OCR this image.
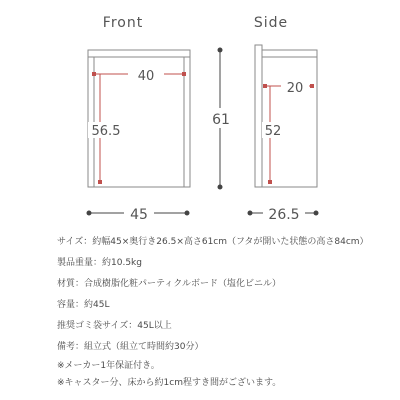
Front	Side
40
56.5
61
20
52
45	26.5
サイズ：約幅45×奥行き26.5×高さ61cm（フタが開いた状態の高さ84cm）
製品重量：約10.5kg
材質：合成樹脂化粧パーティクルボード（塩化ビニル）
容量：約45L
推奨ゴミ袋サイズ：45L以上
備考：組立式（組立て時間約30分）
※メーカー1年保証付き。
※キャスター分、床から約1cm程すき間がございます。
